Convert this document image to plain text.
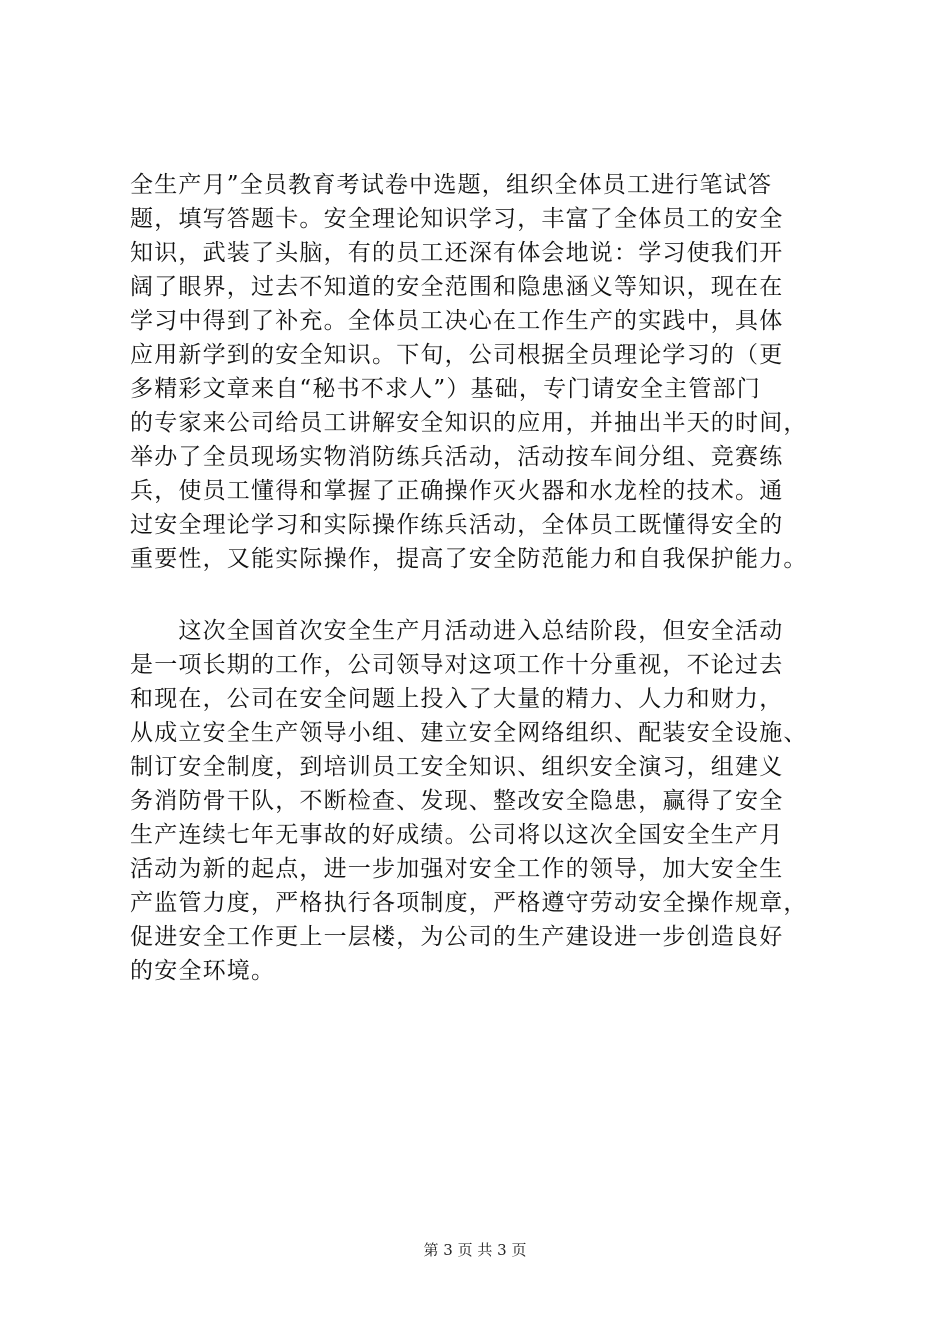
全生产月”全员教育考试卷中选题，组织全体员工进行笔试答
题，填写答题卡。安全理论知识学习，丰富了全体员工的安全
知识，武装了头脑，有的员工还深有体会地说：学习使我们开
阔了眼界，过去不知道的安全范围和隐患涵义等知识，现在在
学习中得到了补充。全体员工决心在工作生产的实践中，具体
应用新学到的安全知识。下旬，公司根据全员理论学习的（更
多精彩文章来自“秘书不求人”）基础，专门请安全主管部门
的专家来公司给员工讲解安全知识的应用，并抽出半天的时间，
举办了全员现场实物消防练兵活动，活动按车间分组、竞赛练
兵，使员工懂得和掌握了正确操作灭火器和水龙栓的技术。通
过安全理论学习和实际操作练兵活动，全体员工既懂得安全的
重要性，又能实际操作，提高了安全防范能力和自我保护能力。
　　这次全国首次安全生产月活动进入总结阶段，但安全活动
是一项长期的工作，公司领导对这项工作十分重视，不论过去
和现在，公司在安全问题上投入了大量的精力、人力和财力，
从成立安全生产领导小组、建立安全网络组织、配装安全设施、
制订安全制度，到培训员工安全知识、组织安全演习，组建义
务消防骨干队，不断检查、发现、整改安全隐患，赢得了安全
生产连续七年无事故的好成绩。公司将以这次全国安全生产月
活动为新的起点，进一步加强对安全工作的领导，加大安全生
产监管力度，严格执行各项制度，严格遵守劳动安全操作规章，
促进安全工作更上一层楼，为公司的生产建设进一步创造良好
的安全环境。
第 3 页 共 3 页
